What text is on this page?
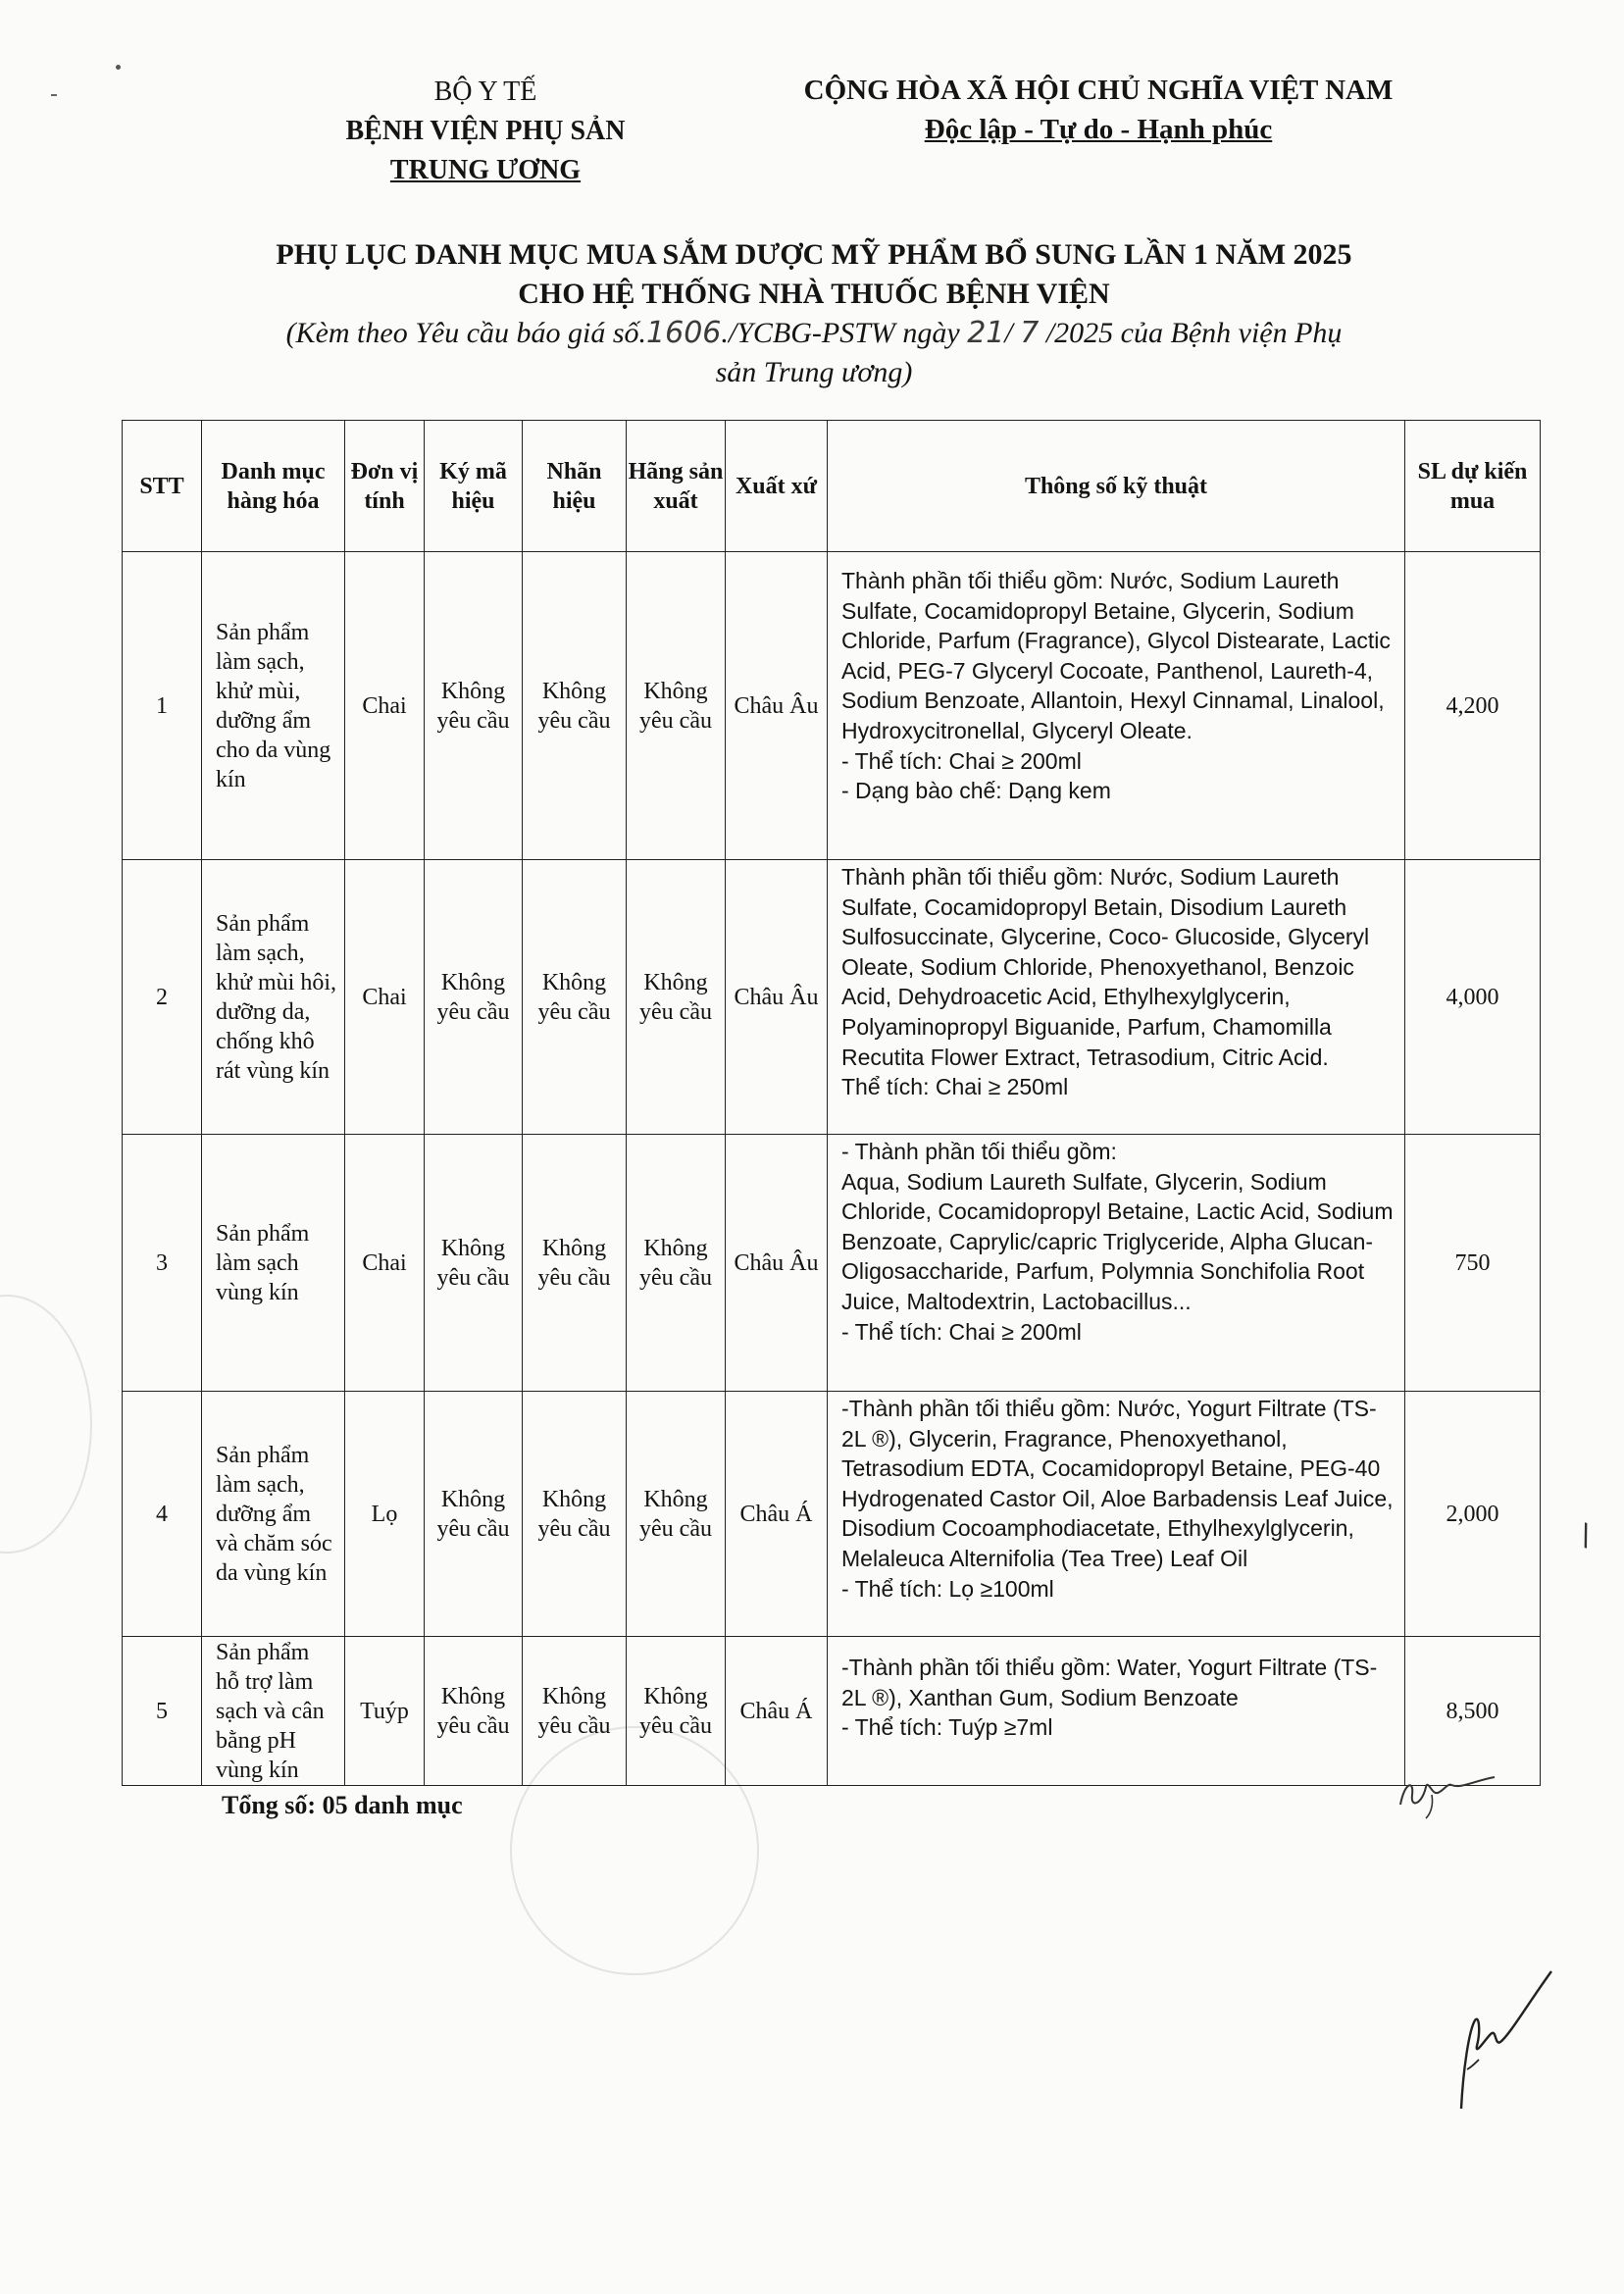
BỘ Y TẾ
BỆNH VIỆN PHỤ SẢN
TRUNG ƯƠNG
CỘNG HÒA XÃ HỘI CHỦ NGHĨA VIỆT NAM
Độc lập - Tự do - Hạnh phúc
PHỤ LỤC DANH MỤC MUA SẮM DƯỢC MỸ PHẨM BỔ SUNG LẦN 1 NĂM 2025
CHO HỆ THỐNG NHÀ THUỐC BỆNH VIỆN
(Kèm theo Yêu cầu báo giá số.1606./YCBG-PSTW ngày 21/ 7 /2025 của Bệnh viện Phụ
sản Trung ương)
STT	Danh mục hàng hóa	Đơn vị tính	Ký mã hiệu	Nhãn hiệu	Hãng sản xuất	Xuất xứ	Thông số kỹ thuật	SL dự kiến mua
1	Sản phẩm làm sạch, khử mùi, dưỡng ẩm cho da vùng kín	Chai	Không yêu cầu	Không yêu cầu	Không yêu cầu	Châu Âu	Thành phần tối thiểu gồm: Nước, Sodium Laureth Sulfate, Cocamidopropyl Betaine, Glycerin, Sodium Chloride, Parfum (Fragrance), Glycol Distearate, Lactic Acid, PEG-7 Glyceryl Cocoate, Panthenol, Laureth-4, Sodium Benzoate, Allantoin, Hexyl Cinnamal, Linalool, Hydroxycitronellal, Glyceryl Oleate.
- Thể tích: Chai ≥ 200ml
- Dạng bào chế: Dạng kem	4,200
2	Sản phẩm làm sạch, khử mùi hôi, dưỡng da, chống khô rát vùng kín	Chai	Không yêu cầu	Không yêu cầu	Không yêu cầu	Châu Âu	Thành phần tối thiểu gồm: Nước, Sodium Laureth Sulfate, Cocamidopropyl Betain, Disodium Laureth Sulfosuccinate, Glycerine, Coco- Glucoside, Glyceryl Oleate, Sodium Chloride, Phenoxyethanol, Benzoic Acid, Dehydroacetic Acid, Ethylhexylglycerin, Polyaminopropyl Biguanide, Parfum, Chamomilla Recutita Flower Extract, Tetrasodium, Citric Acid.
Thể tích: Chai ≥ 250ml	4,000
3	Sản phẩm làm sạch vùng kín	Chai	Không yêu cầu	Không yêu cầu	Không yêu cầu	Châu Âu	- Thành phần tối thiểu gồm:
Aqua, Sodium Laureth Sulfate, Glycerin, Sodium Chloride, Cocamidopropyl Betaine, Lactic Acid, Sodium Benzoate, Caprylic/capric Triglyceride, Alpha Glucan-Oligosaccharide, Parfum, Polymnia Sonchifolia Root Juice, Maltodextrin, Lactobacillus...
- Thể tích: Chai ≥ 200ml	750
4	Sản phẩm làm sạch, dưỡng ẩm và chăm sóc da vùng kín	Lọ	Không yêu cầu	Không yêu cầu	Không yêu cầu	Châu Á	-Thành phần tối thiểu gồm: Nước, Yogurt Filtrate (TS-2L ®), Glycerin, Fragrance, Phenoxyethanol, Tetrasodium EDTA, Cocamidopropyl Betaine, PEG-40 Hydrogenated Castor Oil, Aloe Barbadensis Leaf Juice, Disodium Cocoamphodiacetate, Ethylhexylglycerin, Melaleuca Alternifolia (Tea Tree) Leaf Oil
- Thể tích: Lọ ≥100ml	2,000
5	Sản phẩm hỗ trợ làm sạch và cân bằng pH vùng kín	Tuýp	Không yêu cầu	Không yêu cầu	Không yêu cầu	Châu Á	-Thành phần tối thiểu gồm: Water, Yogurt Filtrate (TS-2L ®), Xanthan Gum, Sodium Benzoate
- Thể tích: Tuýp ≥7ml	8,500
Tổng số: 05 danh mục
\
